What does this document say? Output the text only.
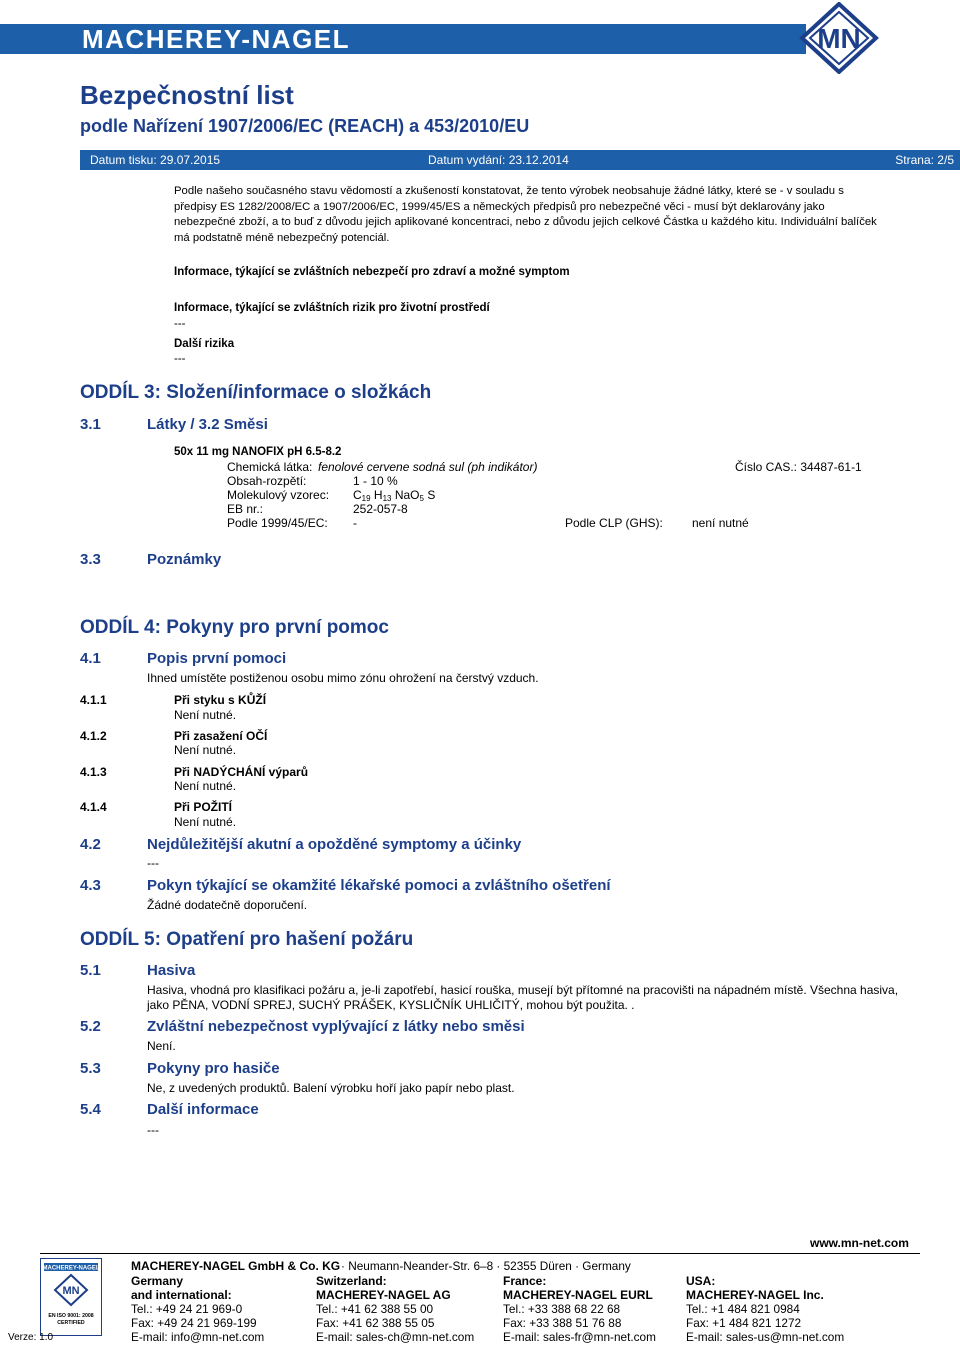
MACHEREY-NAGEL	MN
Bezpečnostní list
podle Nařízení 1907/2006/EC (REACH) a 453/2010/EU
Datum tisku: 29.07.2015	Datum vydání: 23.12.2014	Strana: 2/5
Podle našeho současného stavu vědomostí a zkušeností konstatovat, že tento výrobek neobsahuje žádné látky, které se - v souladu s předpisy ES 1282/2008/EC a 1907/2006/EC, 1999/45/ES a německých předpisů pro nebezpečné věci - musí být deklarovány jako nebezpečné zboží, a to buď z důvodu jejich aplikované koncentraci, nebo z důvodu jejich celkové Částka u každého kitu. Individuální balíček má podstatně méně nebezpečný potenciál.
Informace, týkající se zvláštních nebezpečí pro zdraví a možné symptom
Informace, týkající se zvláštních rizik pro životní prostředí
---
Další rizika
---
ODDÍL 3: Složení/informace o složkách
3.1	Látky / 3.2 Směsi
50x 11 mg NANOFIX pH 6.5-8.2
Chemická látka: fenolové cervene sodná sul (ph indikátor)	Číslo CAS.: 34487-61-1
Obsah-rozpětí:	1 - 10 %
Molekulový vzorec: $C_{19}$ $H_{13}$ NaO$_5$ S
EB nr.:	252-057-8
Podle 1999/45/EC: -	Podle CLP (GHS): není nutné
3.3	Poznámky
ODDÍL 4: Pokyny pro první pomoc
4.1	Popis první pomoci
Ihned umístěte postiženou osobu mimo zónu ohrožení na čerstvý vzduch.
4.1.1	Při styku s KŮŽÍ
Není nutné.
4.1.2	Při zasažení OČÍ
Není nutné.
4.1.3	Při NADÝCHÁNÍ výparů
Není nutné.
4.1.4	Při POŽITÍ
Není nutné.
4.2	Nejdůležitější akutní a opožděné symptomy a účinky
---
4.3	Pokyn týkající se okamžité lékařské pomoci a zvláštního ošetření
Žádné dodatečně doporučení.
ODDÍL 5: Opatření pro hašení požáru
5.1	Hasiva
Hasiva, vhodná pro klasifikaci požáru a, je-li zapotřebí, hasicí rouška, musejí být přítomné na pracovišti na nápadném místě. Všechna hasiva, jako PĚNA, VODNÍ SPREJ, SUCHÝ PRÁŠEK, KYSLIČNÍK UHLIČITÝ, mohou být použita. .
5.2	Zvláštní nebezpečnost vyplývající z látky nebo směsi
Není.
5.3	Pokyny pro hasiče
Ne, z uvedených produktů. Balení výrobku hoří jako papír nebo plast.
5.4	Další informace
---
www.mn-net.com
MACHEREY-NAGEL
MN
EN ISO 9001: 2008
CERTIFIED
Verze: 1.0
MACHEREY-NAGEL GmbH & Co. KG · Neumann-Neander-Str. 6–8 · 52355 Düren · Germany
Germany
and international:
Tel.: +49 24 21 969-0
Fax: +49 24 21 969-199
E-mail: info@mn-net.com
Switzerland:
MACHEREY-NAGEL AG
Tel.: +41 62 388 55 00
Fax: +41 62 388 55 05
E-mail: sales-ch@mn-net.com
France:
MACHEREY-NAGEL EURL
Tel.: +33 388 68 22 68
Fax: +33 388 51 76 88
E-mail: sales-fr@mn-net.com
USA:
MACHEREY-NAGEL Inc.
Tel.: +1 484 821 0984
Fax: +1 484 821 1272
E-mail: sales-us@mn-net.com
